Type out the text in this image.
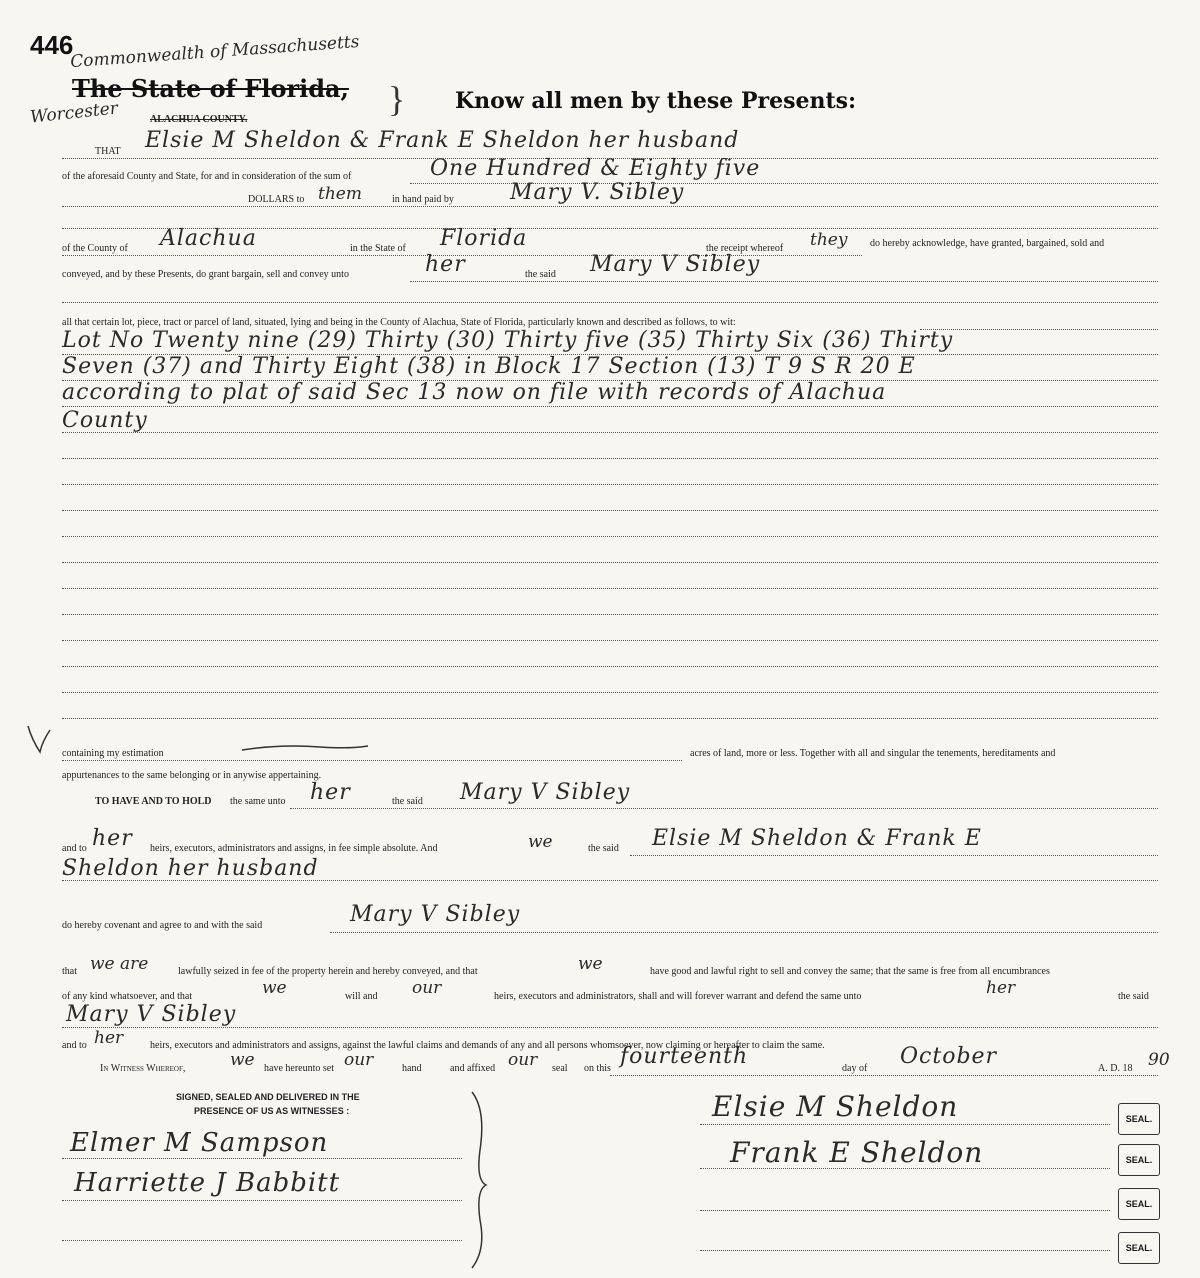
446
Commonwealth of Massachusetts
Worcester
The State of Florida,
ALACHUA COUNTY.
} Know all men by these Presents:
THAT Elsie M Sheldon & Frank E Sheldon her husband
of the aforesaid County and State, for and in consideration of the sum of	One Hundred & Eighty five
DOLLARS to them	in hand paid by	Mary V. Sibley
of the County of Alachua	in the State of Florida	the receipt whereof they do hereby acknowledge, have granted, bargained, sold and
conveyed, and by these Presents, do grant bargain, sell and convey unto	her	the said Mary V Sibley
all that certain lot, piece, tract or parcel of land, situated, lying and being in the County of Alachua, State of Florida, particularly known and described as follows, to wit:
Lot No Twenty nine (29) Thirty (30) Thirty five (35) Thirty Six (36) Thirty
Seven (37) and Thirty Eight (38) in Block 17 Section (13) T 9 S R 20 E
according to plat of said Sec 13 now on file with records of Alachua
County
containing my estimation	acres of land, more or less. Together with all and singular the tenements, hereditaments and
appurtenances to the same belonging or in anywise appertaining.
TO HAVE AND TO HOLD the same unto her	the said Mary V Sibley
and to her heirs, executors, administrators and assigns, in fee simple absolute. And	we	the said Elsie M Sheldon & Frank E
Sheldon her husband
do hereby covenant and agree to and with the said	Mary V Sibley
that we are	lawfully seized in fee of the property herein and hereby conveyed, and that	we	have good and lawful right to sell and convey the same; that the same is free from all encumbrances
of any kind whatsoever, and that	we	will and our	heirs, executors and administrators, shall and will forever warrant and defend the same unto	her	the said
Mary V Sibley
and to her	heirs, executors and administrators and assigns, against the lawful claims and demands of any and all persons whomsoever, now claiming or hereafter to claim the same.
In Witness Whereof,	we have hereunto set our	hand	and affixed our seal on this fourteenth	day of October	A. D. 18 90
SIGNED, SEALED AND DELIVERED IN THE
PRESENCE OF US AS WITNESSES :
Elmer M Sampson
Harriette J Babbitt
Elsie M Sheldon
Frank E Sheldon
SEAL.
SEAL.
SEAL.
SEAL.
